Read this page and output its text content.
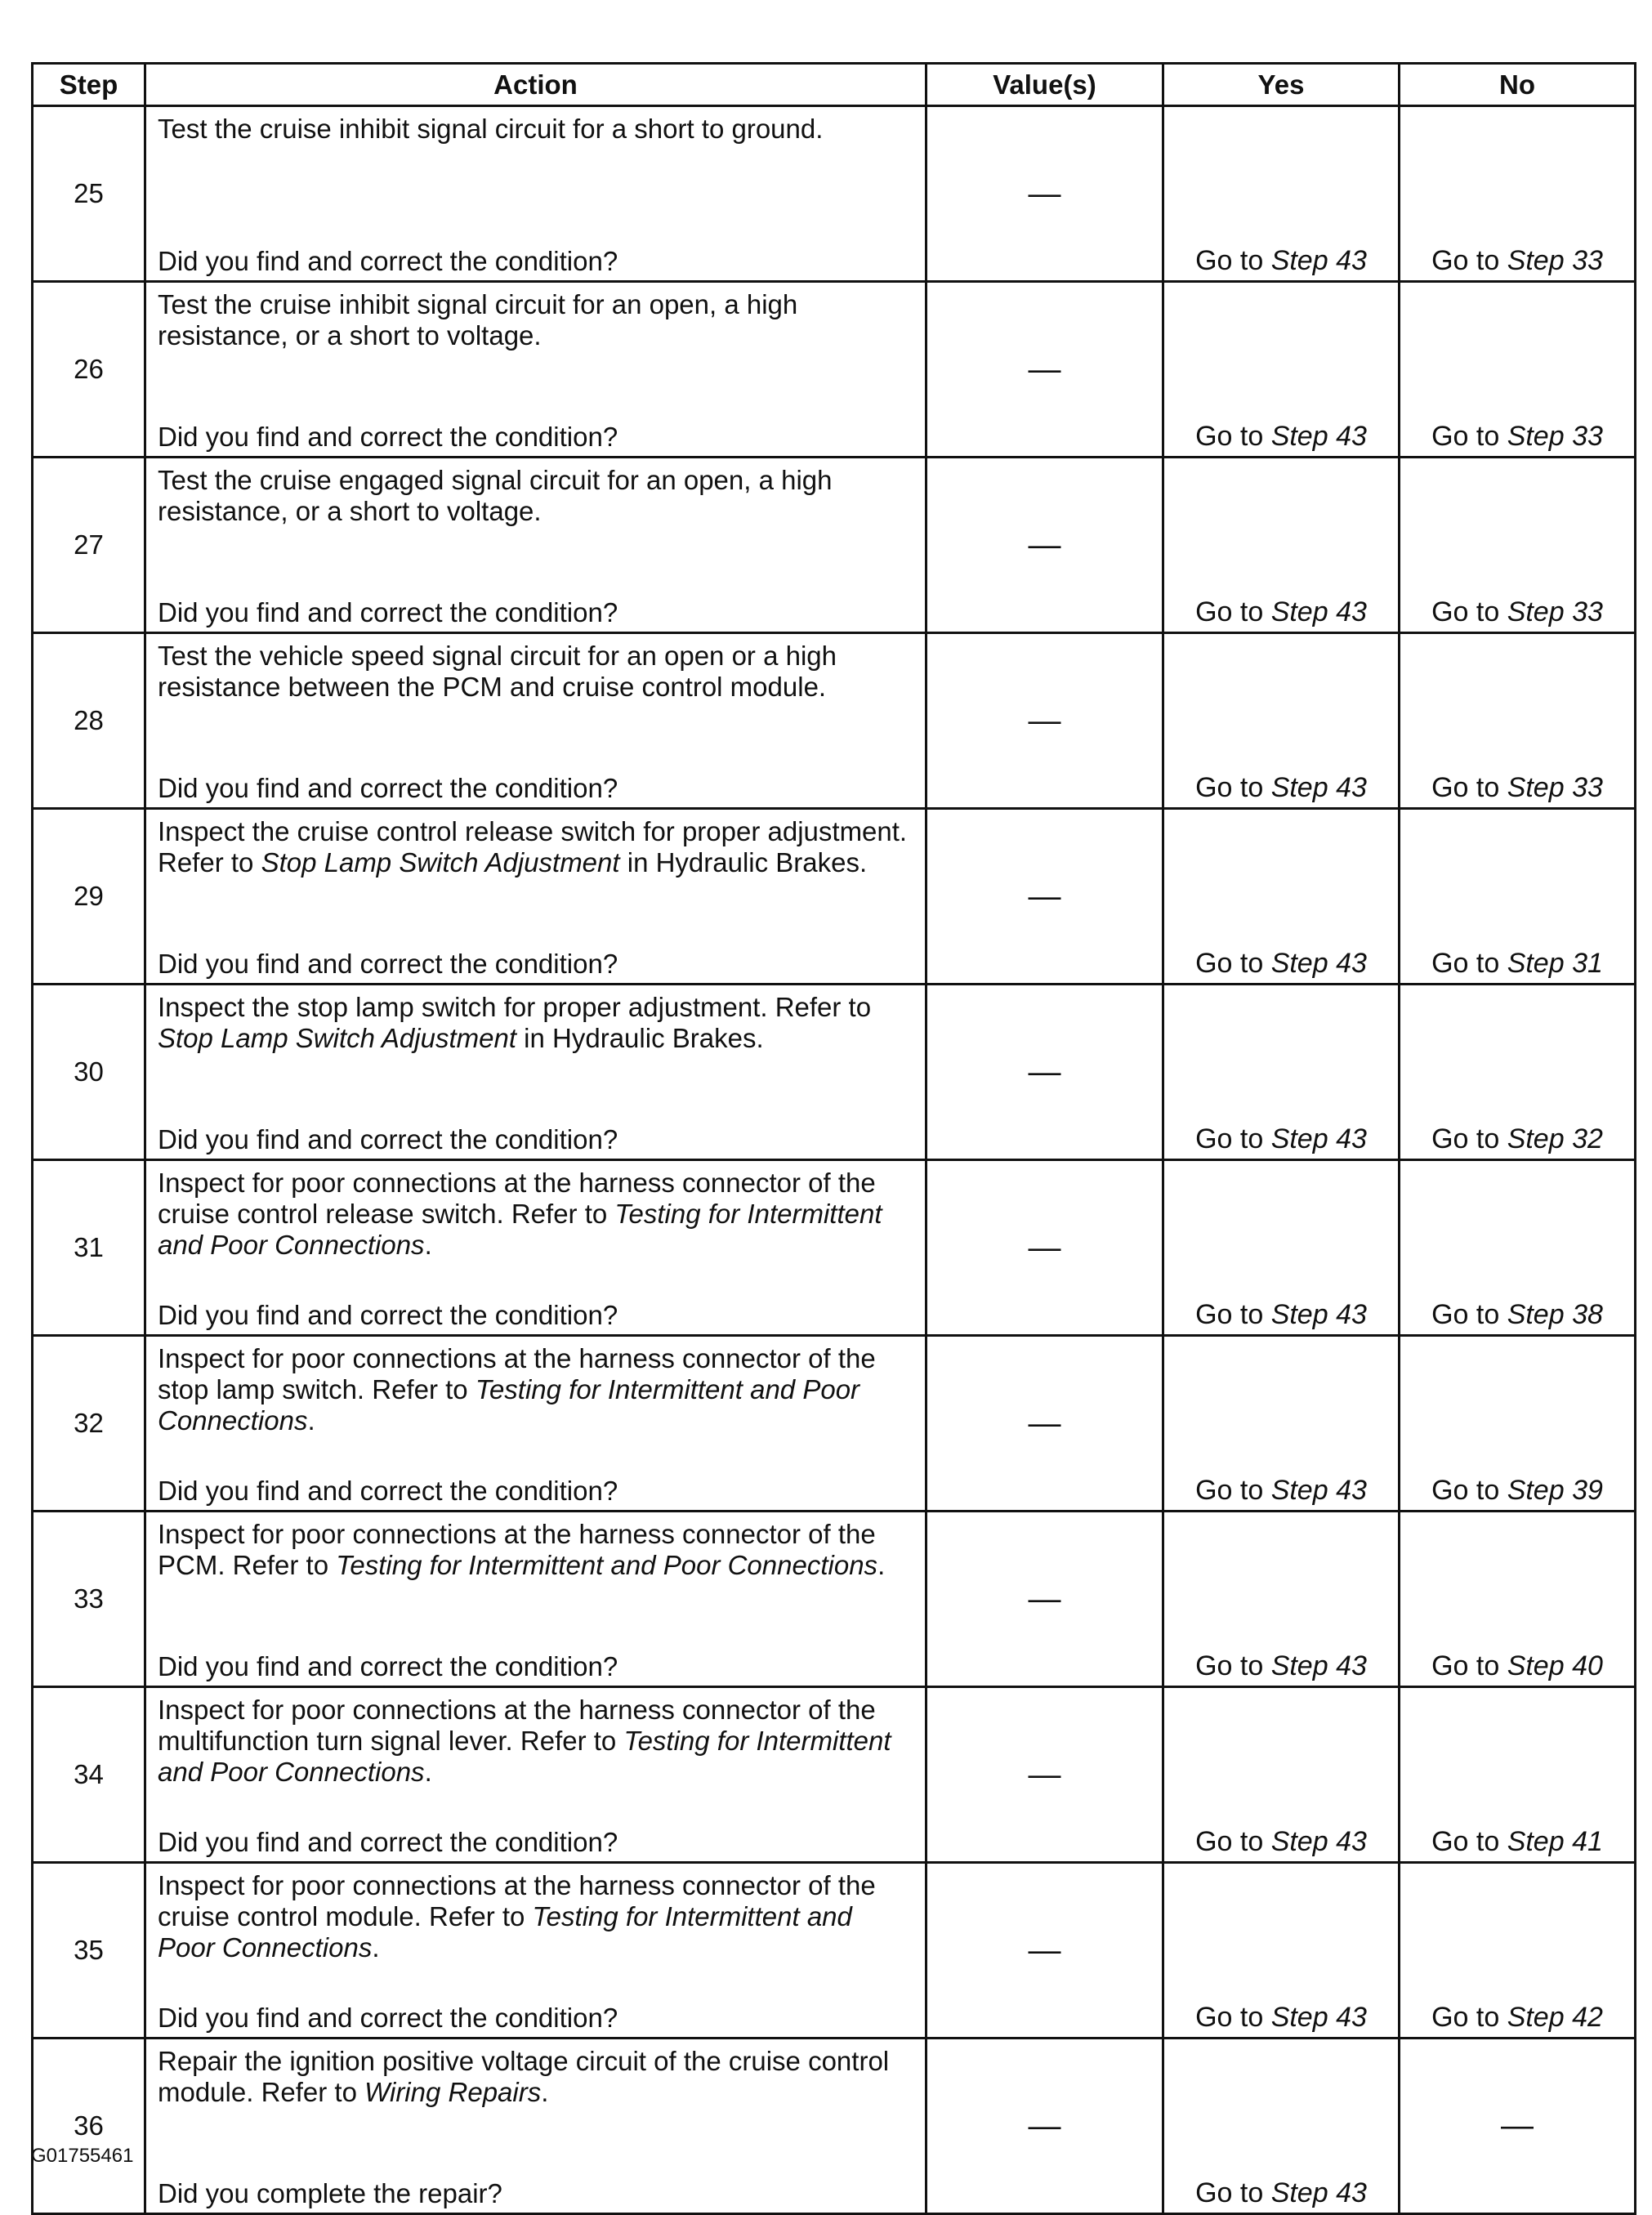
Step	Action	Value(s)	Yes	No
25	Test the cruise inhibit signal circuit for a short to ground.
Did you find and correct the condition?	—	Go to Step 43	Go to Step 33

26	Test the cruise inhibit signal circuit for an open, a high resistance, or a short to voltage.
Did you find and correct the condition?	—	Go to Step 43	Go to Step 33

27	Test the cruise engaged signal circuit for an open, a high resistance, or a short to voltage.
Did you find and correct the condition?	—	Go to Step 43	Go to Step 33

28	Test the vehicle speed signal circuit for an open or a high resistance between the PCM and cruise control module.
Did you find and correct the condition?	—	Go to Step 43	Go to Step 33

29	Inspect the cruise control release switch for proper adjustment. Refer to Stop Lamp Switch Adjustment in Hydraulic Brakes.
Did you find and correct the condition?	—	Go to Step 43	Go to Step 31

30	Inspect the stop lamp switch for proper adjustment. Refer to Stop Lamp Switch Adjustment in Hydraulic Brakes.
Did you find and correct the condition?	—	Go to Step 43	Go to Step 32

31	Inspect for poor connections at the harness connector of the cruise control release switch. Refer to Testing for Intermittent and Poor Connections.
Did you find and correct the condition?	—	Go to Step 43	Go to Step 38

32	Inspect for poor connections at the harness connector of the stop lamp switch. Refer to Testing for Intermittent and Poor Connections.
Did you find and correct the condition?	—	Go to Step 43	Go to Step 39

33	Inspect for poor connections at the harness connector of the PCM. Refer to Testing for Intermittent and Poor Connections.
Did you find and correct the condition?	—	Go to Step 43	Go to Step 40

34	Inspect for poor connections at the harness connector of the multifunction turn signal lever. Refer to Testing for Intermittent and Poor Connections.
Did you find and correct the condition?	—	Go to Step 43	Go to Step 41

35	Inspect for poor connections at the harness connector of the cruise control module. Refer to Testing for Intermittent and Poor Connections.
Did you find and correct the condition?	—	Go to Step 43	Go to Step 42

36	Repair the ignition positive voltage circuit of the cruise control module. Refer to Wiring Repairs.
Did you complete the repair?	—	Go to Step 43	—
G01755461
